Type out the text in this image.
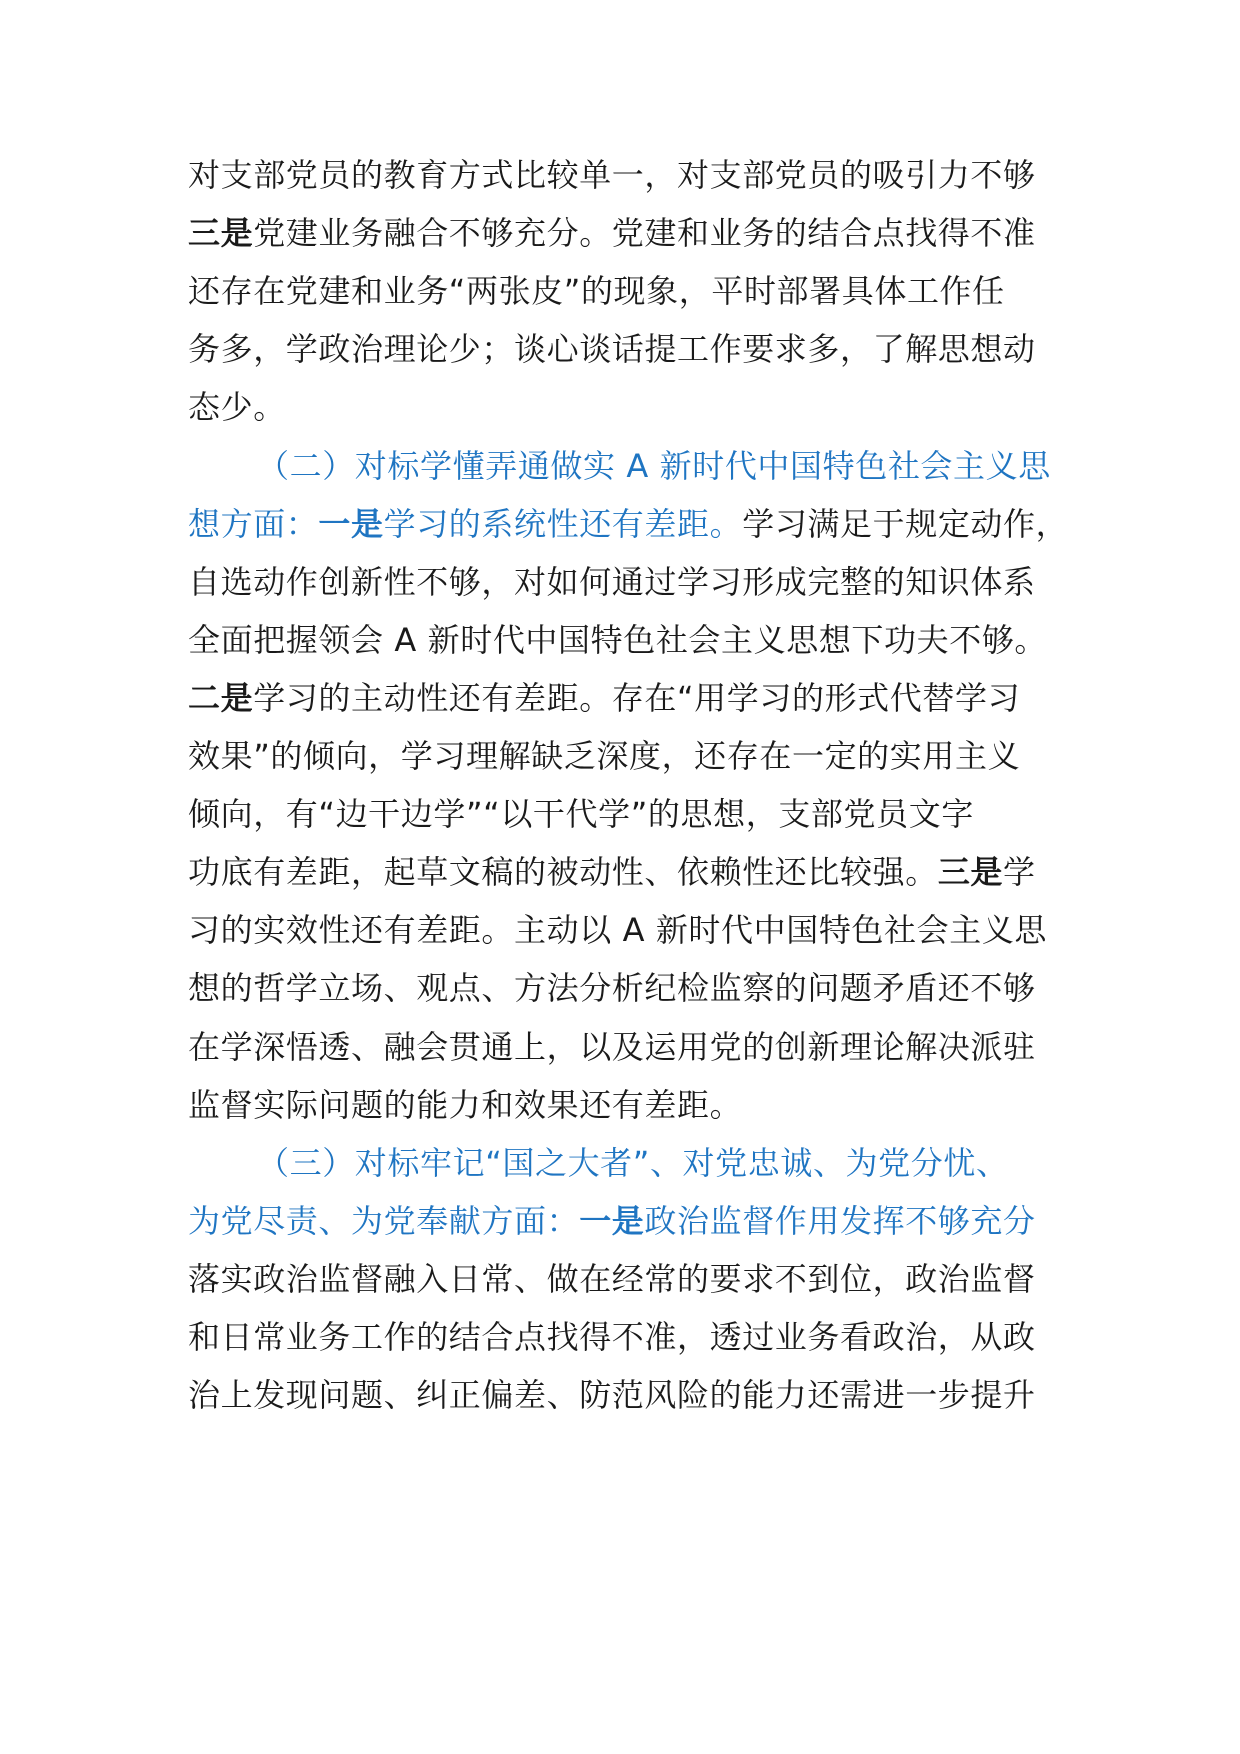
对支部党员的教育方式比较单一，对支部党员的吸引力不够
三是党建业务融合不够充分。党建和业务的结合点找得不准
还存在党建和业务“两张皮”的现象，平时部署具体工作任
务多，学政治理论少；谈心谈话提工作要求多，了解思想动
态少。
（二）对标学懂弄通做实 A 新时代中国特色社会主义思
想方面：一是学习的系统性还有差距。学习满足于规定动作，
自选动作创新性不够，对如何通过学习形成完整的知识体系
全面把握领会 A 新时代中国特色社会主义思想下功夫不够。
二是学习的主动性还有差距。存在“用学习的形式代替学习
效果”的倾向，学习理解缺乏深度，还存在一定的实用主义
倾向，有“边干边学”“以干代学”的思想，支部党员文字
功底有差距，起草文稿的被动性、依赖性还比较强。三是学
习的实效性还有差距。主动以 A 新时代中国特色社会主义思
想的哲学立场、观点、方法分析纪检监察的问题矛盾还不够
在学深悟透、融会贯通上，以及运用党的创新理论解决派驻
监督实际问题的能力和效果还有差距。
（三）对标牢记“国之大者”、对党忠诚、为党分忧、
为党尽责、为党奉献方面：一是政治监督作用发挥不够充分
落实政治监督融入日常、做在经常的要求不到位，政治监督
和日常业务工作的结合点找得不准，透过业务看政治，从政
治上发现问题、纠正偏差、防范风险的能力还需进一步提升
